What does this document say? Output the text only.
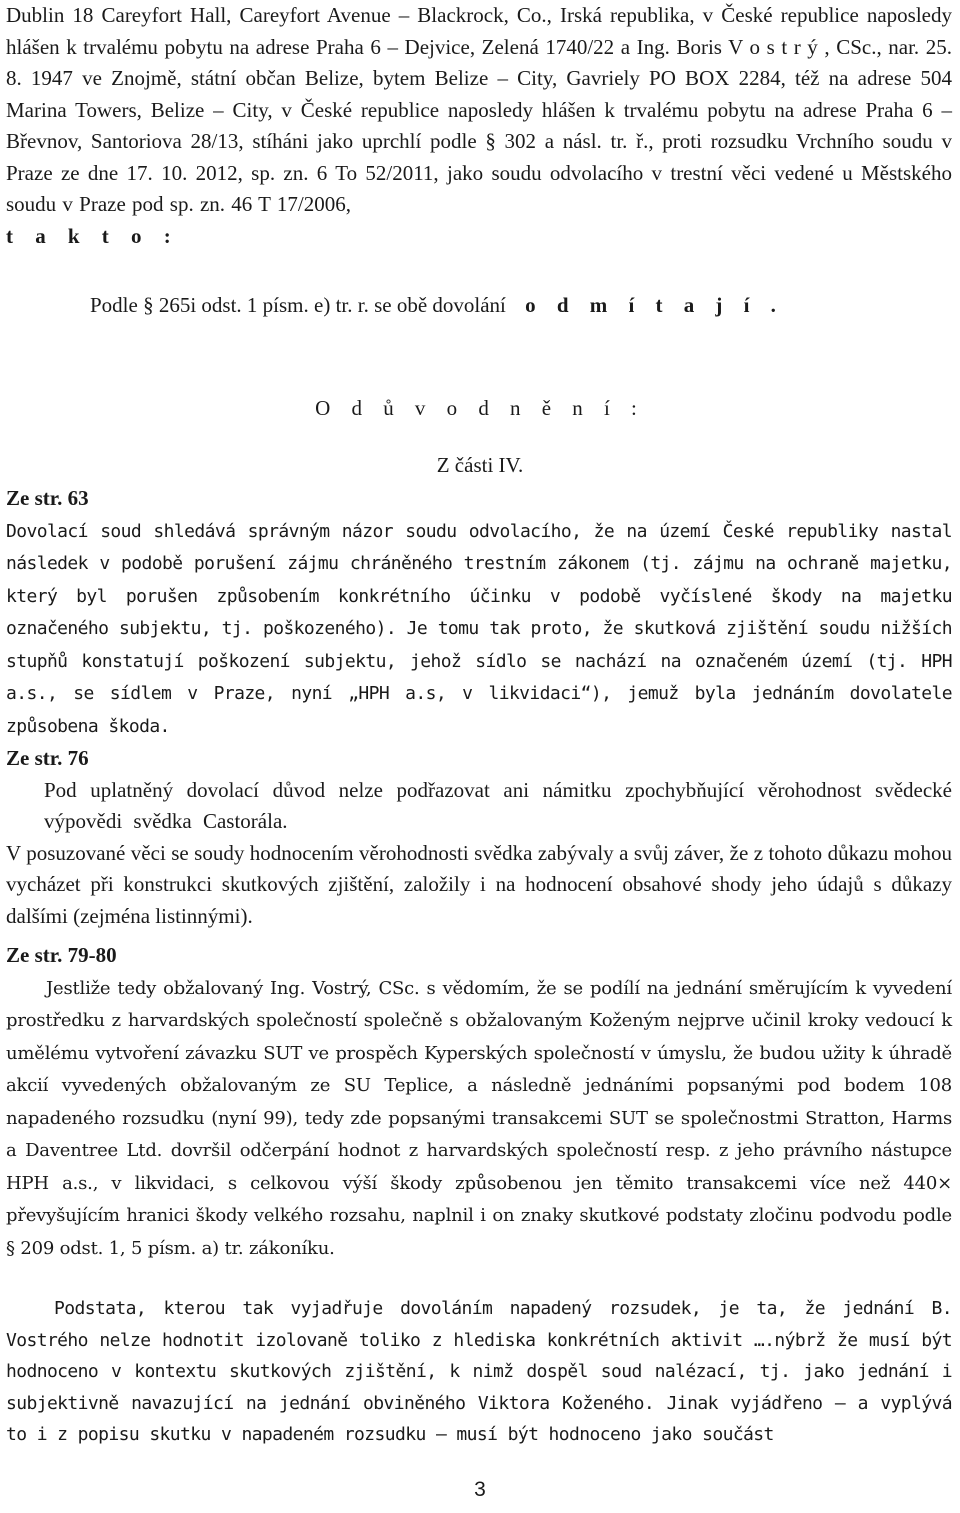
Dublin 18 Careyfort Hall, Careyfort Avenue – Blackrock, Co., Irská republika, v České republice naposledy hlášen k trvalému pobytu na adrese Praha 6 – Dejvice, Zelená 1740/22 a Ing. Boris V o s t r ý , CSc., nar. 25. 8. 1947 ve Znojmě, státní občan Belize, bytem Belize – City, Gavriely PO BOX 2284, též na adrese 504 Marina Towers, Belize – City, v České republice naposledy hlášen k trvalému pobytu na adrese Praha 6 – Břevnov, Santoriova 28/13, stíháni jako uprchlí podle § 302 a násl. tr. ř., proti rozsudku Vrchního soudu v Praze ze dne 17. 10. 2012, sp. zn. 6 To 52/2011, jako soudu odvolacího v trestní věci vedené u Městského soudu v Praze pod sp. zn. 46 T 17/2006,
t a k t o :

Podle § 265i odst. 1 písm. e) tr. r. se obě dovolání o d m í t a j í .

O d ů v o d n ě n í :

Z části IV.

Ze str. 63
Dovolací soud shledává správným názor soudu odvolacího, že na území České republiky nastal následek v podobě porušení zájmu chráněného trestním zákonem (tj. zájmu na ochraně majetku, který byl porušen způsobením konkrétního účinku v podobě vyčíslené škody na majetku označeného subjektu, tj. poškozeného). Je tomu tak proto, že skutková zjištění soudu nižších stupňů konstatují poškození subjektu, jehož sídlo se nachází na označeném území (tj. HPH a.s., se sídlem v Praze, nyní „HPH a.s, v likvidaci“), jemuž byla jednáním dovolatele způsobena škoda.

Ze str. 76
Pod uplatněný dovolací důvod nelze podřazovat ani námitku zpochybňující věrohodnost svědecké výpovědi svědka Castorála.
V posuzované věci se soudy hodnocením věrohodnosti svědka zabývaly a svůj záver, že z tohoto důkazu mohou vycházet při konstrukci skutkových zjištění, založily i na hodnocení obsahové shody jeho údajů s důkazy dalšími (zejména listinnými).

Ze str. 79-80
Jestliže tedy obžalovaný Ing. Vostrý, CSc. s vědomím, že se podílí na jednání směrujícím k vyvedení prostředku z harvardských společností společně s obžalovaným Koženým nejprve učinil kroky vedoucí k umělému vytvoření závazku SUT ve prospěch Kyperských společností v úmyslu, že budou užity k úhradě akcií vyvedených obžalovaným ze SU Teplice, a následně jednáními popsanými pod bodem 108 napadeného rozsudku (nyní 99), tedy zde popsanými transakcemi SUT se společnostmi Stratton, Harms a Daventree Ltd. dovršil odčerpání hodnot z harvardských společností resp. z jeho právního nástupce HPH a.s., v likvidaci, s celkovou výší škody způsobenou jen těmito transakcemi více než 440× převyšujícím hranici škody velkého rozsahu, naplnil i on znaky skutkové podstaty zločinu podvodu podle § 209 odst. 1, 5 písm. a) tr. zákoníku.

Podstata, kterou tak vyjadřuje dovoláním napadený rozsudek, je ta, že jednání B. Vostrého nelze hodnotit izolovaně toliko z hlediska konkrétních aktivit ….nýbrž že musí být hodnoceno v kontextu skutkových zjištění, k nimž dospěl soud nalézací, tj. jako jednání i subjektivně navazující na jednání obviněného Viktora Koženého. Jinak vyjádřeno – a vyplývá to i z popisu skutku v napadeném rozsudku – musí být hodnoceno jako součást

3
